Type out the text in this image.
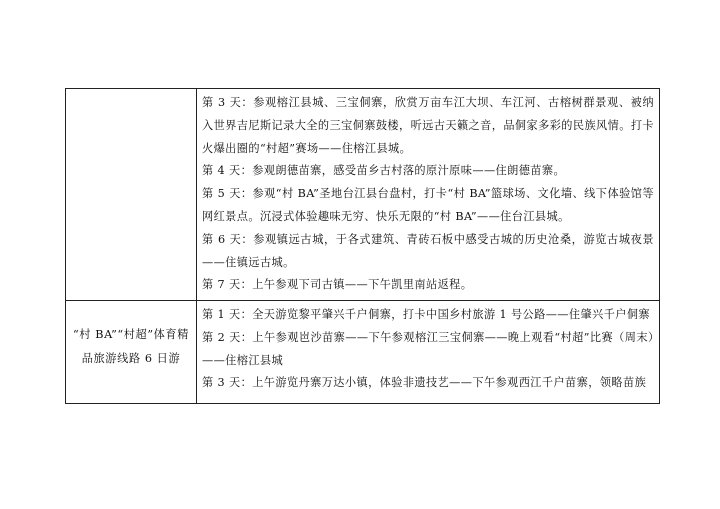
	第 3 天：参观榕江县城、三宝侗寨，欣赏万亩车江大坝、车江河、古榕树群景观、被纳入世界吉尼斯记录大全的三宝侗寨鼓楼，听远古天籁之音，品侗家多彩的民族风情。打卡火爆出圈的“村超”赛场——住榕江县城。

第 4 天：参观朗德苗寨，感受苗乡古村落的原汁原味——住朗德苗寨。

第 5 天：参观“村 BA”圣地台江县台盘村，打卡“村 BA”篮球场、文化墙、线下体验馆等网红景点。沉浸式体验趣味无穷、快乐无限的“村 BA”——住台江县城。

第 6 天：参观镇远古城，于各式建筑、青砖石板中感受古城的历史沧桑，游览古城夜景——住镇远古城。

第 7 天：上午参观下司古镇——下午凯里南站返程。

“村 BA”“村超”体育精品旅游线路 6 日游	第 1 天：全天游览黎平肇兴千户侗寨，打卡中国乡村旅游 1 号公路——住肇兴千户侗寨

第 2 天：上午参观岜沙苗寨——下午参观榕江三宝侗寨——晚上观看“村超”比赛（周末）——住榕江县城

第 3 天：上午游览丹寨万达小镇，体验非遗技艺——下午参观西江千户苗寨，领略苗族
